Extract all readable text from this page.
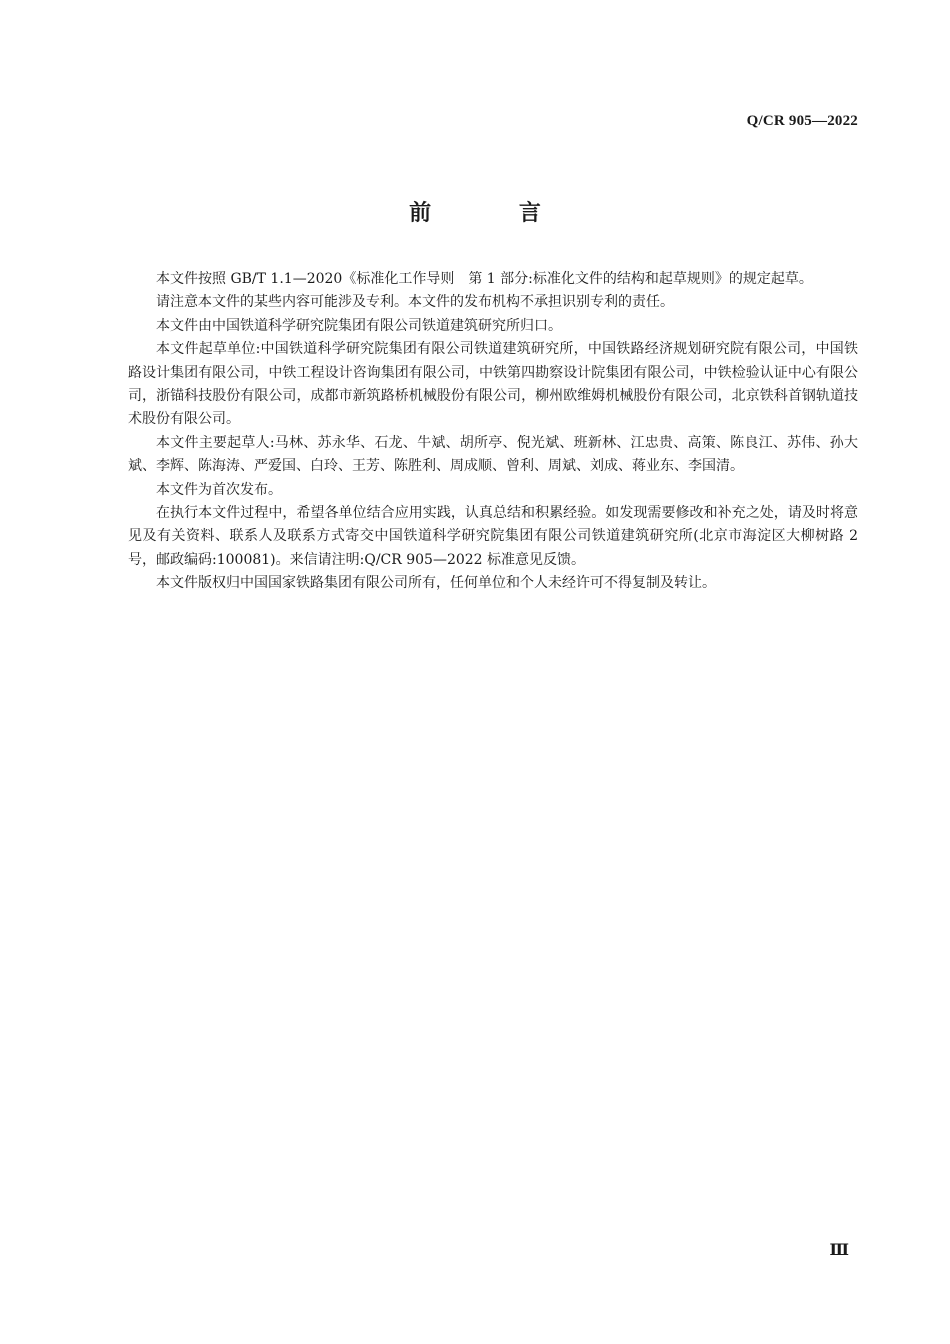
Q/CR 905—2022
前 言

本文件按照 GB/T 1.1—2020《标准化工作导则　第 1 部分:标准化文件的结构和起草规则》的规定起草。

请注意本文件的某些内容可能涉及专利。本文件的发布机构不承担识别专利的责任。

本文件由中国铁道科学研究院集团有限公司铁道建筑研究所归口。

本文件起草单位:中国铁道科学研究院集团有限公司铁道建筑研究所，中国铁路经济规划研究院有限公司，中国铁路设计集团有限公司，中铁工程设计咨询集团有限公司，中铁第四勘察设计院集团有限公司，中铁检验认证中心有限公司，浙锚科技股份有限公司，成都市新筑路桥机械股份有限公司，柳州欧维姆机械股份有限公司，北京铁科首钢轨道技术股份有限公司。

本文件主要起草人:马林、苏永华、石龙、牛斌、胡所亭、倪光斌、班新林、江忠贵、高策、陈良江、苏伟、孙大斌、李辉、陈海涛、严爱国、白玲、王芳、陈胜利、周成顺、曾利、周斌、刘成、蒋业东、李国清。

本文件为首次发布。

在执行本文件过程中，希望各单位结合应用实践，认真总结和积累经验。如发现需要修改和补充之处，请及时将意见及有关资料、联系人及联系方式寄交中国铁道科学研究院集团有限公司铁道建筑研究所(北京市海淀区大柳树路 2 号，邮政编码:100081)。来信请注明:Q/CR 905—2022 标准意见反馈。

本文件版权归中国国家铁路集团有限公司所有，任何单位和个人未经许可不得复制及转让。

Ⅲ
